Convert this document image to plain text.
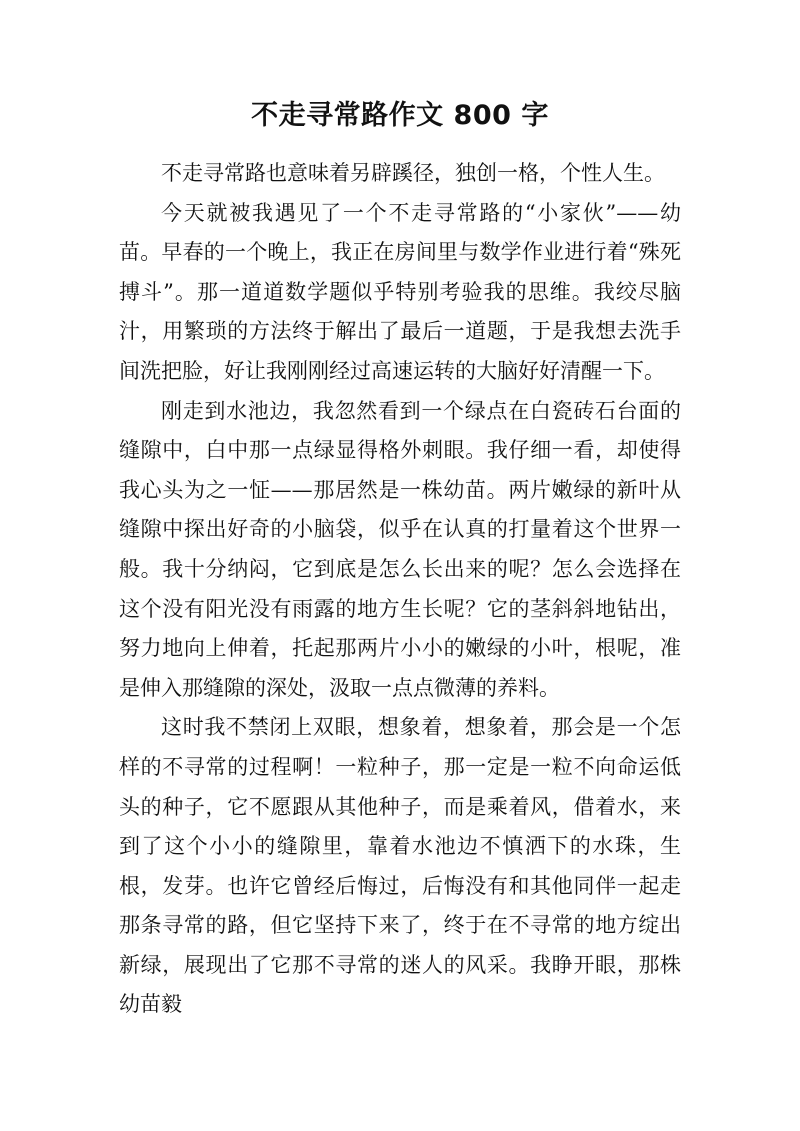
不走寻常路作文 800 字

不走寻常路也意味着另辟蹊径，独创一格，个性人生。

今天就被我遇见了一个不走寻常路的“小家伙”——幼苗。早春的一个晚上，我正在房间里与数学作业进行着“殊死搏斗”。那一道道数学题似乎特别考验我的思维。我绞尽脑汁，用繁琐的方法终于解出了最后一道题，于是我想去洗手间洗把脸，好让我刚刚经过高速运转的大脑好好清醒一下。

刚走到水池边，我忽然看到一个绿点在白瓷砖石台面的缝隙中，白中那一点绿显得格外刺眼。我仔细一看，却使得我心头为之一怔——那居然是一株幼苗。两片嫩绿的新叶从缝隙中探出好奇的小脑袋，似乎在认真的打量着这个世界一般。我十分纳闷，它到底是怎么长出来的呢？怎么会选择在这个没有阳光没有雨露的地方生长呢？它的茎斜斜地钻出，努力地向上伸着，托起那两片小小的嫩绿的小叶，根呢，准是伸入那缝隙的深处，汲取一点点微薄的养料。

这时我不禁闭上双眼，想象着，想象着，那会是一个怎样的不寻常的过程啊！一粒种子，那一定是一粒不向命运低头的种子，它不愿跟从其他种子，而是乘着风，借着水，来到了这个小小的缝隙里，靠着水池边不慎洒下的水珠，生根，发芽。也许它曾经后悔过，后悔没有和其他同伴一起走那条寻常的路，但它坚持下来了，终于在不寻常的地方绽出新绿，展现出了它那不寻常的迷人的风采。我睁开眼，那株幼苗毅
